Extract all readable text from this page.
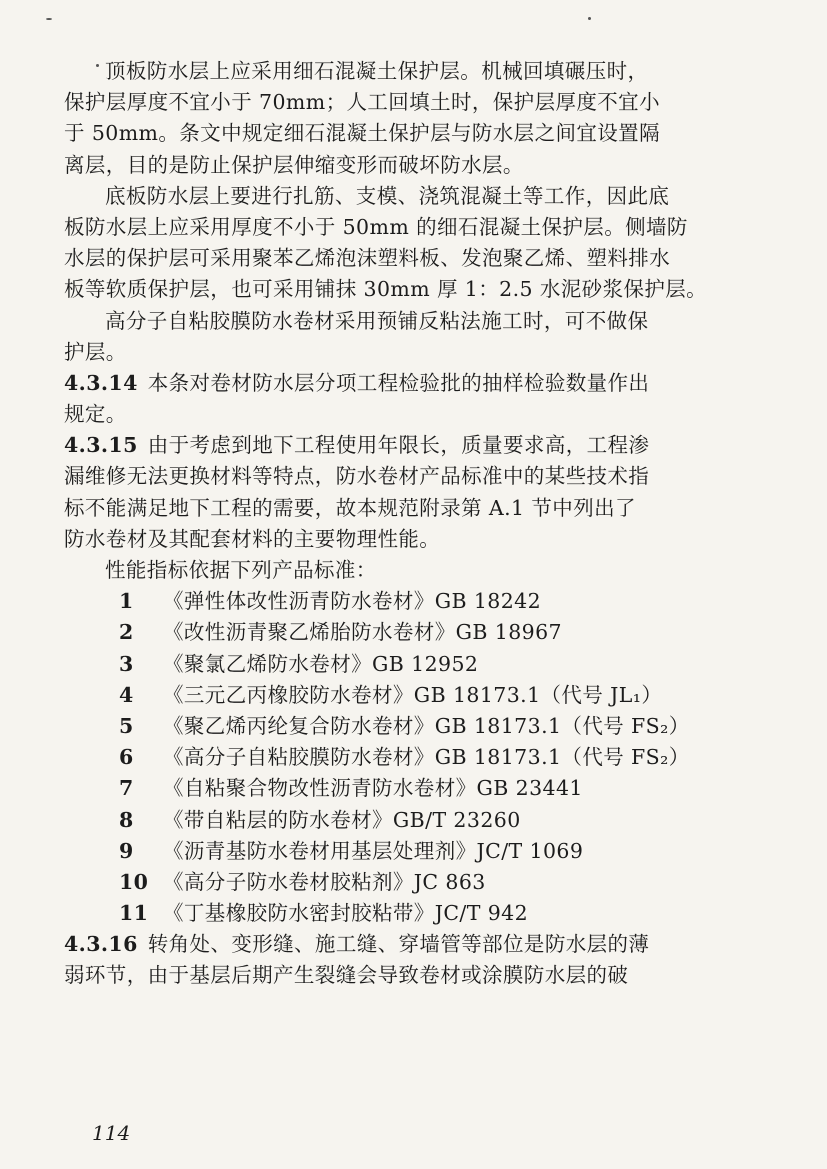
顶板防水层上应采用细石混凝土保护层。机械回填碾压时，
保护层厚度不宜小于 70mm；人工回填土时，保护层厚度不宜小
于 50mm。条文中规定细石混凝土保护层与防水层之间宜设置隔
离层，目的是防止保护层伸缩变形而破坏防水层。
底板防水层上要进行扎筋、支模、浇筑混凝土等工作，因此底
板防水层上应采用厚度不小于 50mm 的细石混凝土保护层。侧墙防
水层的保护层可采用聚苯乙烯泡沫塑料板、发泡聚乙烯、塑料排水
板等软质保护层，也可采用铺抹 30mm 厚 1：2.5 水泥砂浆保护层。
高分子自粘胶膜防水卷材采用预铺反粘法施工时，可不做保
护层。
4.3.14 本条对卷材防水层分项工程检验批的抽样检验数量作出
规定。
4.3.15 由于考虑到地下工程使用年限长，质量要求高，工程渗
漏维修无法更换材料等特点，防水卷材产品标准中的某些技术指
标不能满足地下工程的需要，故本规范附录第 A.1 节中列出了
防水卷材及其配套材料的主要物理性能。
性能指标依据下列产品标准：
1 《弹性体改性沥青防水卷材》GB 18242
2 《改性沥青聚乙烯胎防水卷材》GB 18967
3 《聚氯乙烯防水卷材》GB 12952
4 《三元乙丙橡胶防水卷材》GB 18173.1（代号 JL₁）
5 《聚乙烯丙纶复合防水卷材》GB 18173.1（代号 FS₂）
6 《高分子自粘胶膜防水卷材》GB 18173.1（代号 FS₂）
7 《自粘聚合物改性沥青防水卷材》GB 23441
8 《带自粘层的防水卷材》GB/T 23260
9 《沥青基防水卷材用基层处理剂》JC/T 1069
10 《高分子防水卷材胶粘剂》JC 863
11 《丁基橡胶防水密封胶粘带》JC/T 942
4.3.16 转角处、变形缝、施工缝、穿墙管等部位是防水层的薄
弱环节，由于基层后期产生裂缝会导致卷材或涂膜防水层的破
114
